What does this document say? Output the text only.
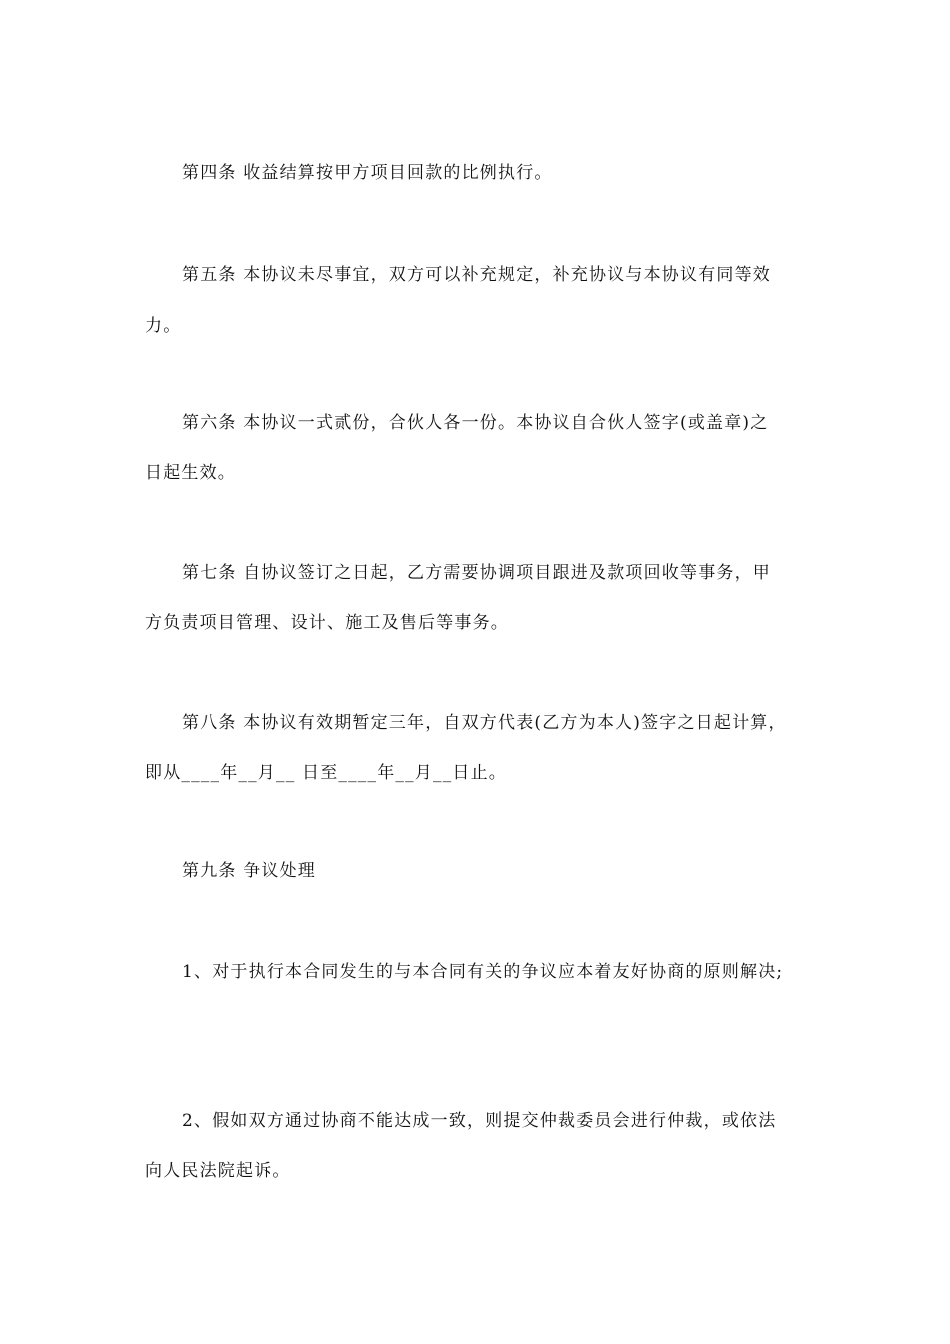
第四条 收益结算按甲方项目回款的比例执行。
第五条 本协议未尽事宜，双方可以补充规定，补充协议与本协议有同等效
力。
第六条 本协议一式贰份，合伙人各一份。本协议自合伙人签字(或盖章)之
日起生效。
第七条 自协议签订之日起，乙方需要协调项目跟进及款项回收等事务，甲
方负责项目管理、设计、施工及售后等事务。
第八条 本协议有效期暂定三年，自双方代表(乙方为本人)签字之日起计算，
即从____年__月__ 日至____年__月__日止。
第九条 争议处理
1、对于执行本合同发生的与本合同有关的争议应本着友好协商的原则解决;
2、假如双方通过协商不能达成一致，则提交仲裁委员会进行仲裁，或依法
向人民法院起诉。
